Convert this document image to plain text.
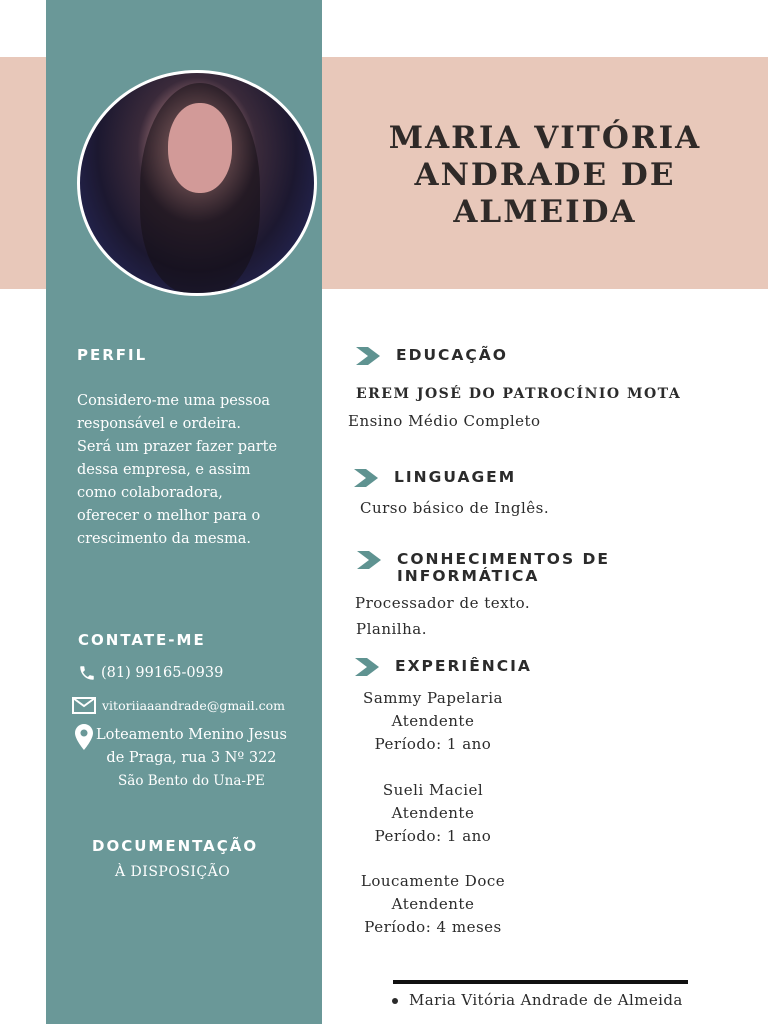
MARIA VITÓRIA
ANDRADE DE
ALMEIDA
PERFIL
Considero-me uma pessoa
responsável e ordeira.
Será um prazer fazer parte
dessa empresa, e assim
como colaboradora,
oferecer o melhor para o
crescimento da mesma.
CONTATE-ME
(81) 99165-0939
vitoriiaaandrade@gmail.com
Loteamento Menino Jesus
de Praga, rua 3 Nº 322
São Bento do Una-PE
DOCUMENTAÇÃO
À DISPOSIÇÃO
EDUCAÇÃO
EREM JOSÉ DO PATROCÍNIO MOTA
Ensino Médio Completo
LINGUAGEM
Curso básico de Inglês.
CONHECIMENTOS DE
INFORMÁTICA
Processador de texto.
Planilha.
EXPERIÊNCIA
Sammy Papelaria
Atendente
Período: 1 ano
Sueli Maciel
Atendente
Período: 1 ano
Loucamente Doce
Atendente
Período: 4 meses
Maria Vitória Andrade de Almeida
